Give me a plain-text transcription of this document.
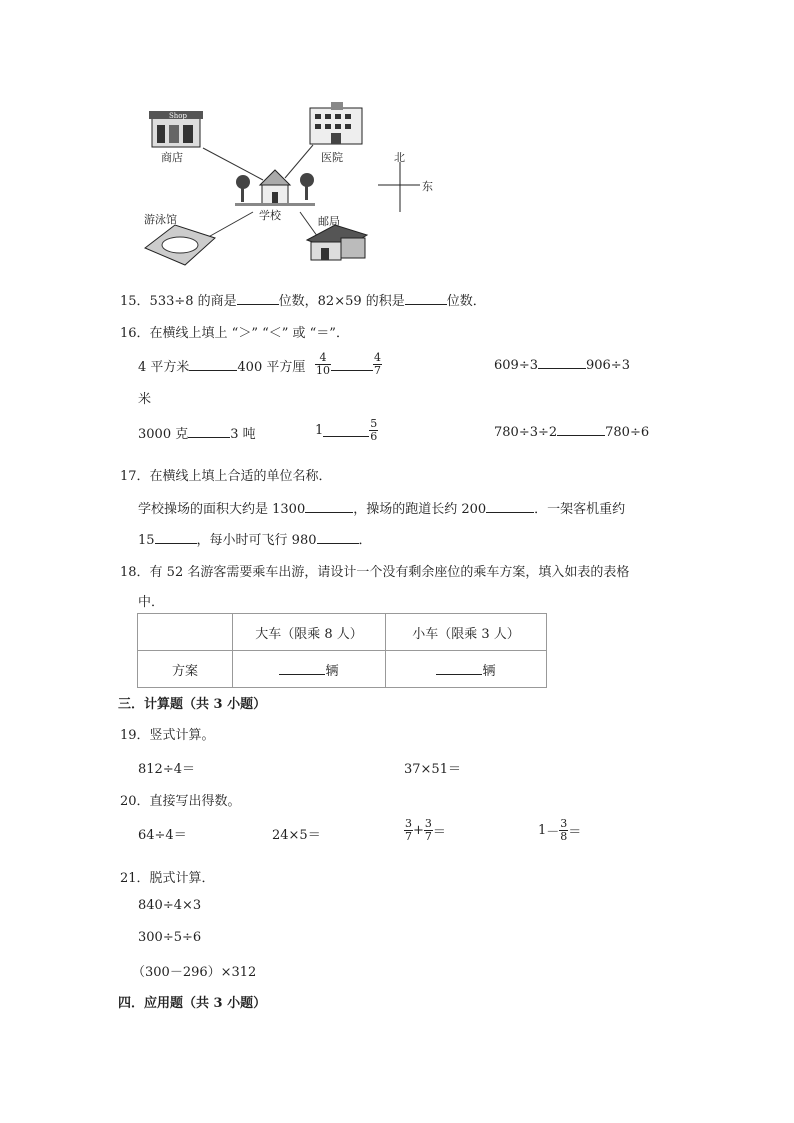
Shop
商店	医院
学校
游泳馆	邮局
北
东
15．533÷8 的商是	位数，82×59 的积是	位数．
16．在横线上填上 “＞” “＜” 或 “＝”．
4 平方米	400 平方厘
米
$\frac{4}{10}$	$\frac{4}{7}$	609÷3	906÷3
3000 克	3 吨	1	$\frac{5}{6}$	780÷3÷2	780÷6
17．在横线上填上合适的单位名称．
学校操场的面积大约是 1300	，操场的跑道长约 200	．一架客机重约
15	，每小时可飞行 980	．
18．有 52 名游客需要乘车出游，请设计一个没有剩余座位的乘车方案，填入如表的表格
中．
	大车（限乘 8 人）	小车（限乘 3 人）
方案	辆	辆
三．计算题（共 3 小题）
19．竖式计算。
812÷4＝	37×51＝
20．直接写出得数。
64÷4＝	24×5＝	$\frac{3}{7} + \frac{3}{7}$ ＝	$1- \frac{3}{8}$ ＝
21．脱式计算．
840÷4×3
300÷5÷6
（300－296）×312
四．应用题（共 3 小题）
